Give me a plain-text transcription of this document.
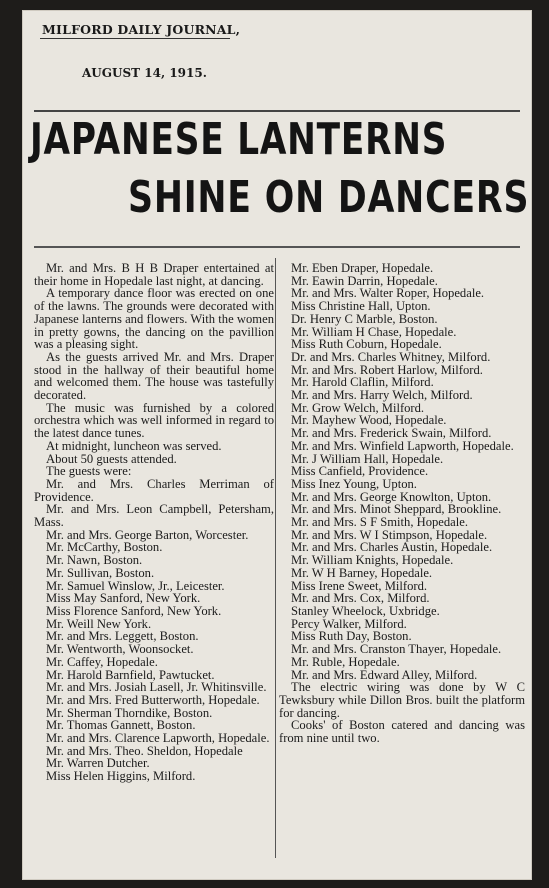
MILFORD DAILY JOURNAL,
AUGUST 14, 1915.
JAPANESE LANTERNS
SHINE ON DANCERS

Mr. and Mrs. B H B Draper entertained at their home in Hopedale last night, at dancing.

A temporary dance floor was erected on one of the lawns. The grounds were decorated with Japanese lanterns and flowers. With the women in pretty gowns, the dancing on the pavillion was a pleasing sight.

As the guests arrived Mr. and Mrs. Draper stood in the hallway of their beautiful home and welcomed them. The house was tastefully decorated.

The music was furnished by a colored orchestra which was well informed in regard to the latest dance tunes.

At midnight, luncheon was served.

About 50 guests attended.

The guests were:

Mr. and Mrs. Charles Merriman of Providence.

Mr. and Mrs. Leon Campbell, Petersham, Mass.

Mr. and Mrs. George Barton, Worcester.

Mr. McCarthy, Boston.

Mr. Nawn, Boston.

Mr. Sullivan, Boston.

Mr. Samuel Winslow, Jr., Leicester.

Miss May Sanford, New York.

Miss Florence Sanford, New York.

Mr. Weill New York.

Mr. and Mrs. Leggett, Boston.

Mr. Wentworth, Woonsocket.

Mr. Caffey, Hopedale.

Mr. Harold Barnfield, Pawtucket.

Mr. and Mrs. Josiah Lasell, Jr. Whitinsville.

Mr. and Mrs. Fred Butterworth, Hopedale.

Mr. Sherman Thorndike, Boston.

Mr. Thomas Gannett, Boston.

Mr. and Mrs. Clarence Lapworth, Hopedale.

Mr. and Mrs. Theo. Sheldon, Hopedale

Mr. Warren Dutcher.

Miss Helen Higgins, Milford.

Mr. Eben Draper, Hopedale.

Mr. Eawin Darrin, Hopedale.

Mr. and Mrs. Walter Roper, Hopedale.

Miss Christine Hall, Upton.

Dr. Henry C Marble, Boston.

Mr. William H Chase, Hopedale.

Miss Ruth Coburn, Hopedale.

Dr. and Mrs. Charles Whitney, Milford.

Mr. and Mrs. Robert Harlow, Milford.

Mr. Harold Claflin, Milford.

Mr. and Mrs. Harry Welch, Milford.

Mr. Grow Welch, Milford.

Mr. Mayhew Wood, Hopedale.

Mr. and Mrs. Frederick Swain, Milford.

Mr. and Mrs. Winfield Lapworth, Hopedale.

Mr. J William Hall, Hopedale.

Miss Canfield, Providence.

Miss Inez Young, Upton.

Mr. and Mrs. George Knowlton, Upton.

Mr. and Mrs. Minot Sheppard, Brookline.

Mr. and Mrs. S F Smith, Hopedale.

Mr. and Mrs. W I Stimpson, Hopedale.

Mr. and Mrs. Charles Austin, Hopedale.

Mr. William Knights, Hopedale.

Mr. W H Barney, Hopedale.

Miss Irene Sweet, Milford.

Mr. and Mrs. Cox, Milford.

Stanley Wheelock, Uxbridge.

Percy Walker, Milford.

Miss Ruth Day, Boston.

Mr. and Mrs. Cranston Thayer, Hopedale.

Mr. Ruble, Hopedale.

Mr. and Mrs. Edward Alley, Milford.

The electric wiring was done by W C Tewksbury while Dillon Bros. built the platform for dancing.

Cooks' of Boston catered and dancing was from nine until two.
